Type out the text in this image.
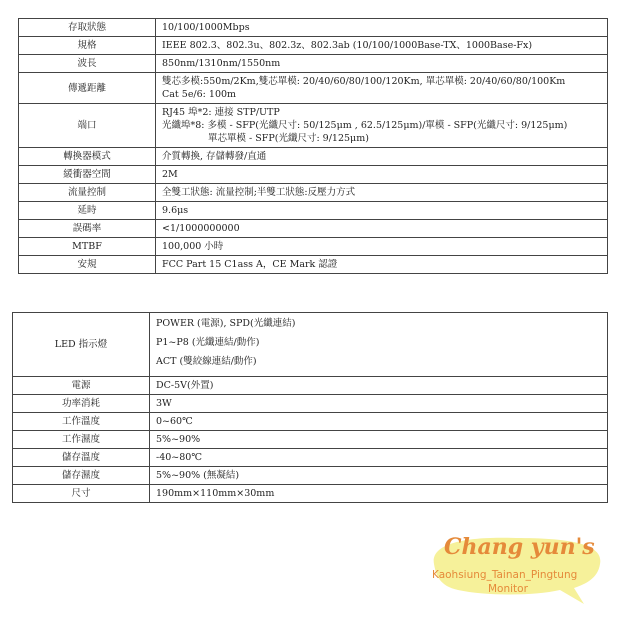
存取狀態	10/100/1000Mbps

規格	IEEE 802.3、802.3u、802.3z、802.3ab (10/100/1000Base-TX、1000Base-Fx)

波長	850nm/1310nm/1550nm

傳遞距離	雙芯多模:550m/2Km,雙芯單模: 20/40/60/80/100/120Km, 單芯單模: 20/40/60/80/100Km
Cat 5e/6: 100m

端口	RJ45 埠*2: 連接 STP/UTP
光纖埠*8: 多模 - SFP(光纖尺寸: 50/125μm , 62.5/125μm)/單模 - SFP(光纖尺寸: 9/125μm)
單芯單模 - SFP(光纖尺寸: 9/125μm)

轉換器模式	介質轉換, 存儲轉發/直通

緩衝器空間	2M

流量控制	全雙工狀態: 流量控制;半雙工狀態:反壓力方式

延時	9.6μs

誤碼率	<1/1000000000

MTBF	100,000 小時

安規	FCC Part 15 C1ass A，CE Mark 認證
LED 指示燈	POWER (電源), SPD(光纖連結)
P1~P8 (光纖連結/動作)
ACT (雙絞線連結/動作)

電源	DC-5V(外置)

功率消耗	3W

工作溫度	0~60℃

工作濕度	5%~90%

儲存溫度	-40~80℃

儲存濕度	5%~90% (無凝結)

尺寸	190mm×110mm×30mm
Chang yun's
Kaohsiung_Tainan_Pingtung
Monitor
